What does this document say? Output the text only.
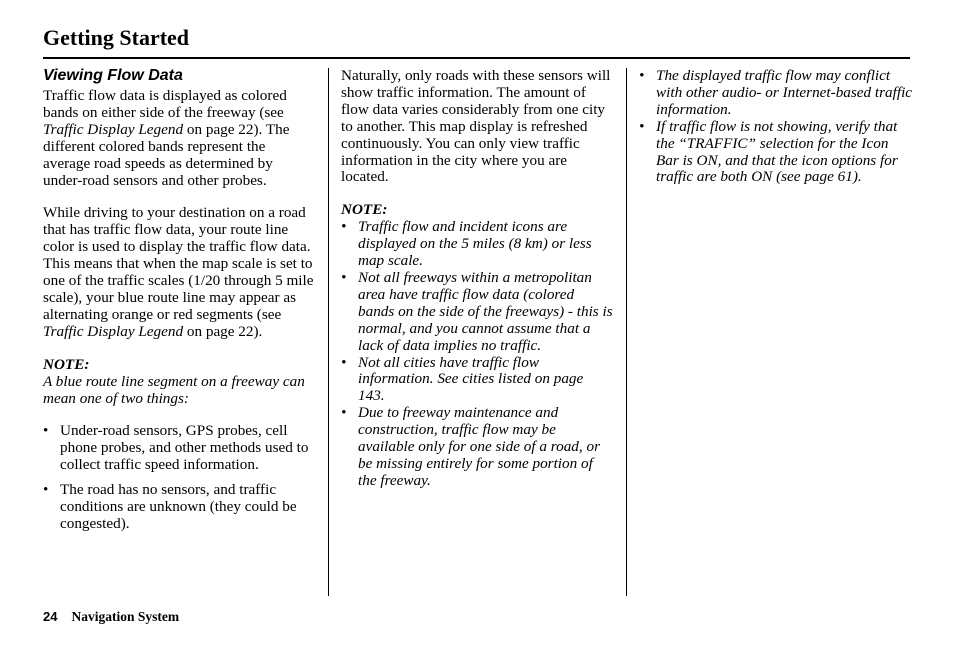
Getting Started
Viewing Flow Data

Traffic flow data is displayed as colored bands on either side of the freeway (see Traffic Display Legend on page 22). The different colored bands represent the average road speeds as determined by under-road sensors and other probes.

While driving to your destination on a road that has traffic flow data, your route line color is used to display the traffic flow data. This means that when the map scale is set to one of the traffic scales (1/20 through 5 mile scale), your blue route line may appear as alternating orange or red segments (see Traffic Display Legend on page 22).

NOTE:

A blue route line segment on a freeway can mean one of two things:

• Under-road sensors, GPS probes, cell phone probes, and other methods used to collect traffic speed information.
• The road has no sensors, and traffic conditions are unknown (they could be congested).

Naturally, only roads with these sensors will show traffic information. The amount of flow data varies considerably from one city to another. This map display is refreshed continuously. You can only view traffic information in the city where you are located.

NOTE:

• Traffic flow and incident icons are displayed on the 5 miles (8 km) or less map scale.
• Not all freeways within a metropolitan area have traffic flow data (colored bands on the side of the freeways) - this is normal, and you cannot assume that a lack of data implies no traffic.
• Not all cities have traffic flow information. See cities listed on page 143.
• Due to freeway maintenance and construction, traffic flow may be available only for one side of a road, or be missing entirely for some portion of the freeway.
• The displayed traffic flow may conflict with other audio- or Internet-based traffic information.
• If traffic flow is not showing, verify that the “TRAFFIC” selection for the Icon Bar is ON, and that the icon options for traffic are both ON (see page 61).
24 Navigation System
